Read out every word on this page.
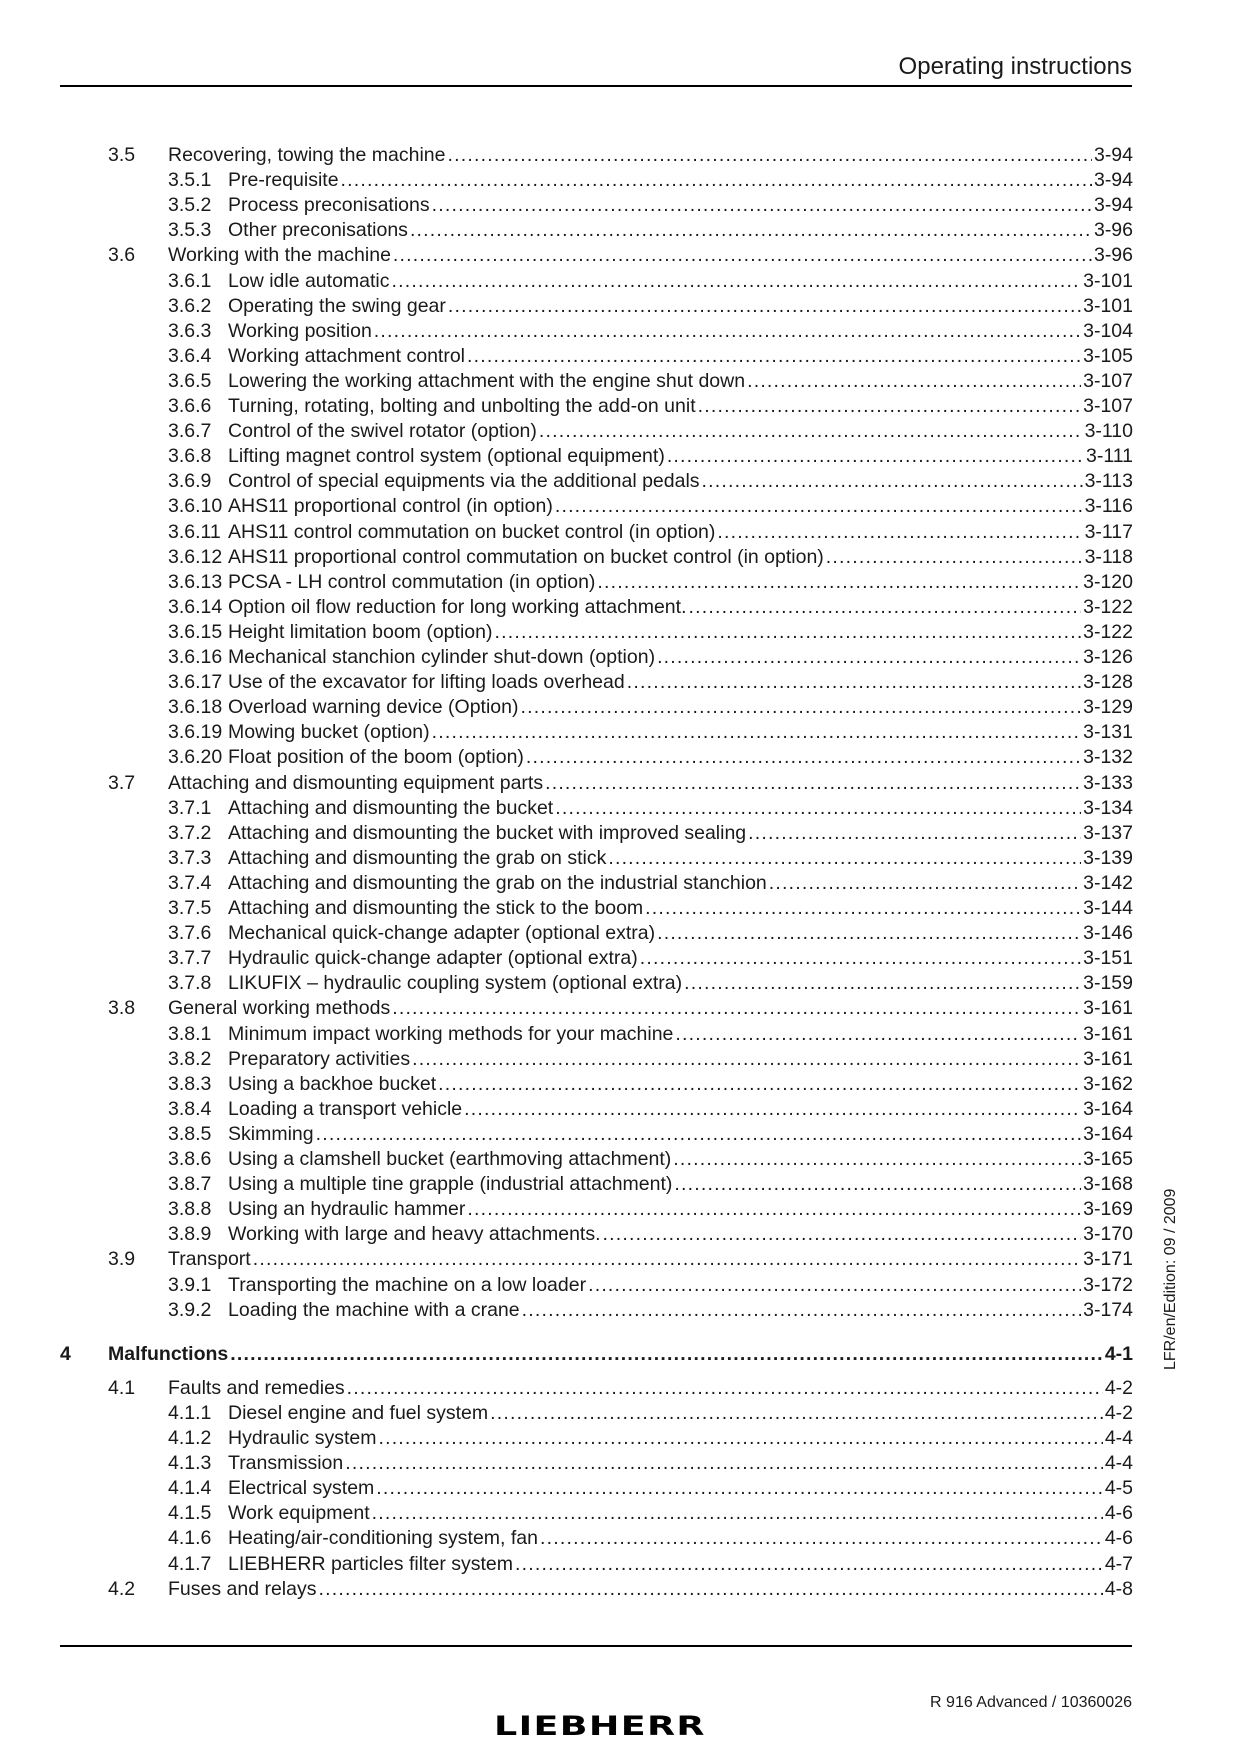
Operating instructions
3.5	Recovering, towing the machine .....	3-94
3.5.1 Pre-requisite .....	3-94
3.5.2 Process preconisations .....	3-94
3.5.3 Other preconisations .....	3-96
3.6	Working with the machine .....	3-96
3.6.1 Low idle automatic .....	3-101
3.6.2 Operating the swing gear .....	3-101
3.6.3 Working position .....	3-104
3.6.4 Working attachment control .....	3-105
3.6.5 Lowering the working attachment with the engine shut down .....	3-107
3.6.6 Turning, rotating, bolting and unbolting the add-on unit .....	3-107
3.6.7 Control of the swivel rotator (option) .....	3-110
3.6.8 Lifting magnet control system (optional equipment) .....	3-111
3.6.9 Control of special equipments via the additional pedals .....	3-113
3.6.10 AHS11 proportional control (in option) .....	3-116
3.6.11 AHS11 control commutation on bucket control (in option) .....	3-117
3.6.12 AHS11 proportional control commutation on bucket control (in option) .....	3-118
3.6.13 PCSA - LH control commutation (in option) .....	3-120
3.6.14 Option oil flow reduction for long working attachment. .....	3-122
3.6.15 Height limitation boom (option) .....	3-122
3.6.16 Mechanical stanchion cylinder shut-down (option) .....	3-126
3.6.17 Use of the excavator for lifting loads overhead .....	3-128
3.6.18 Overload warning device (Option) .....	3-129
3.6.19 Mowing bucket (option) .....	3-131
3.6.20 Float position of the boom (option) .....	3-132
3.7	Attaching and dismounting equipment parts .....	3-133
3.7.1 Attaching and dismounting the bucket .....	3-134
3.7.2 Attaching and dismounting the bucket with improved sealing .....	3-137
3.7.3 Attaching and dismounting the grab on stick .....	3-139
3.7.4 Attaching and dismounting the grab on the industrial stanchion .....	3-142
3.7.5 Attaching and dismounting the stick to the boom .....	3-144
3.7.6 Mechanical quick-change adapter (optional extra) .....	3-146
3.7.7 Hydraulic quick-change adapter (optional extra) .....	3-151
3.7.8 LIKUFIX – hydraulic coupling system (optional extra) .....	3-159
3.8	General working methods .....	3-161
3.8.1 Minimum impact working methods for your machine .....	3-161
3.8.2 Preparatory activities .....	3-161
3.8.3 Using a backhoe bucket .....	3-162
3.8.4 Loading a transport vehicle .....	3-164
3.8.5 Skimming .....	3-164
3.8.6 Using a clamshell bucket (earthmoving attachment) .....	3-165
3.8.7 Using a multiple tine grapple (industrial attachment) .....	3-168
3.8.8 Using an hydraulic hammer .....	3-169
3.8.9 Working with large and heavy attachments. .....	3-170
3.9	Transport .....	3-171
3.9.1 Transporting the machine on a low loader .....	3-172
3.9.2 Loading the machine with a crane .....	3-174
4	Malfunctions .....	4-1
4.1	Faults and remedies .....	4-2
4.1.1 Diesel engine and fuel system .....	4-2
4.1.2 Hydraulic system .....	4-4
4.1.3 Transmission .....	4-4
4.1.4 Electrical system .....	4-5
4.1.5 Work equipment .....	4-6
4.1.6 Heating/air-conditioning system, fan .....	4-6
4.1.7 LIEBHERR particles filter system .....	4-7
4.2	Fuses and relays .....	4-8
LFR/en/Edition: 09 / 2009
R 916 Advanced / 10360026
LIEBHERR
